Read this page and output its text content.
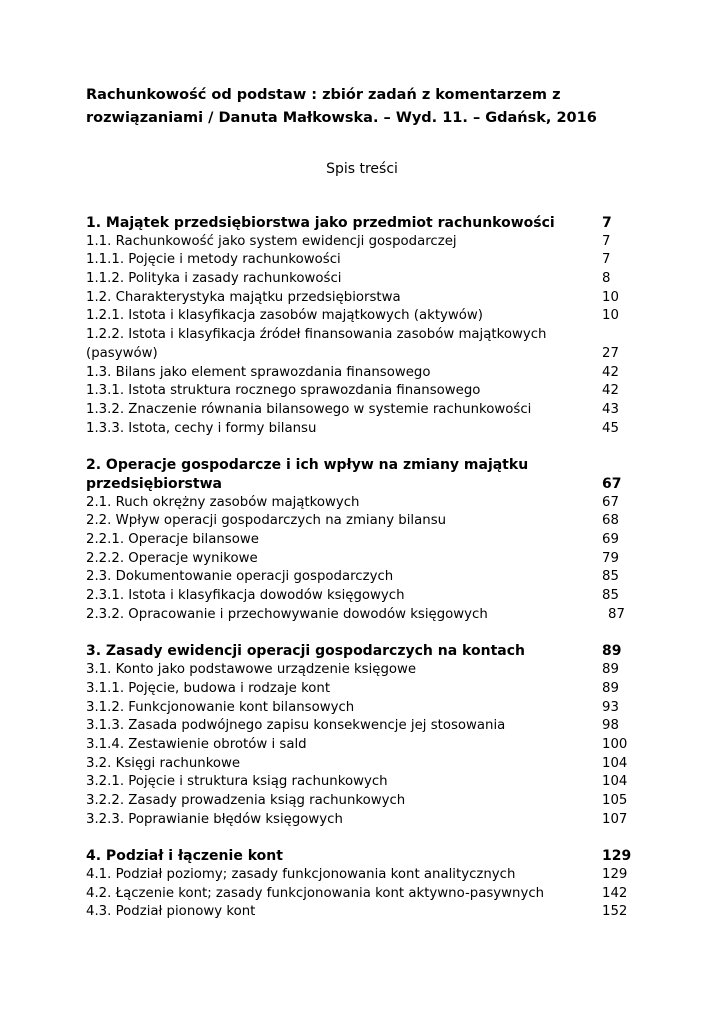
Rachunkowość od podstaw : zbiór zadań z komentarzem z
rozwiązaniami / Danuta Małkowska. – Wyd. 11. – Gdańsk, 2016
Spis treści
1. Majątek przedsiębiorstwa jako przedmiot rachunkowości	7
1.1. Rachunkowość jako system ewidencji gospodarczej	7
1.1.1. Pojęcie i metody rachunkowości	7
1.1.2. Polityka i zasady rachunkowości	8
1.2. Charakterystyka majątku przedsiębiorstwa	10
1.2.1. Istota i klasyfikacja zasobów majątkowych (aktywów)	10
1.2.2. Istota i klasyfikacja źródeł finansowania zasobów majątkowych (pasywów)	27
1.3. Bilans jako element sprawozdania finansowego	42
1.3.1. Istota struktura rocznego sprawozdania finansowego	42
1.3.2. Znaczenie równania bilansowego w systemie rachunkowości	43
1.3.3. Istota, cechy i formy bilansu	45
2. Operacje gospodarcze i ich wpływ na zmiany majątku przedsiębiorstwa	67
2.1. Ruch okrężny zasobów majątkowych	67
2.2. Wpływ operacji gospodarczych na zmiany bilansu	68
2.2.1. Operacje bilansowe	69
2.2.2. Operacje wynikowe	79
2.3. Dokumentowanie operacji gospodarczych	85
2.3.1. Istota i klasyfikacja dowodów księgowych	85
2.3.2. Opracowanie i przechowywanie dowodów księgowych	87
3. Zasady ewidencji operacji gospodarczych na kontach	89
3.1. Konto jako podstawowe urządzenie księgowe	89
3.1.1. Pojęcie, budowa i rodzaje kont	89
3.1.2. Funkcjonowanie kont bilansowych	93
3.1.3. Zasada podwójnego zapisu konsekwencje jej stosowania	98
3.1.4. Zestawienie obrotów i sald	100
3.2. Księgi rachunkowe	104
3.2.1. Pojęcie i struktura ksiąg rachunkowych	104
3.2.2. Zasady prowadzenia ksiąg rachunkowych	105
3.2.3. Poprawianie błędów księgowych	107
4. Podział i łączenie kont	129
4.1. Podział poziomy; zasady funkcjonowania kont analitycznych	129
4.2. Łączenie kont; zasady funkcjonowania kont aktywno-pasywnych	142
4.3. Podział pionowy kont	152
